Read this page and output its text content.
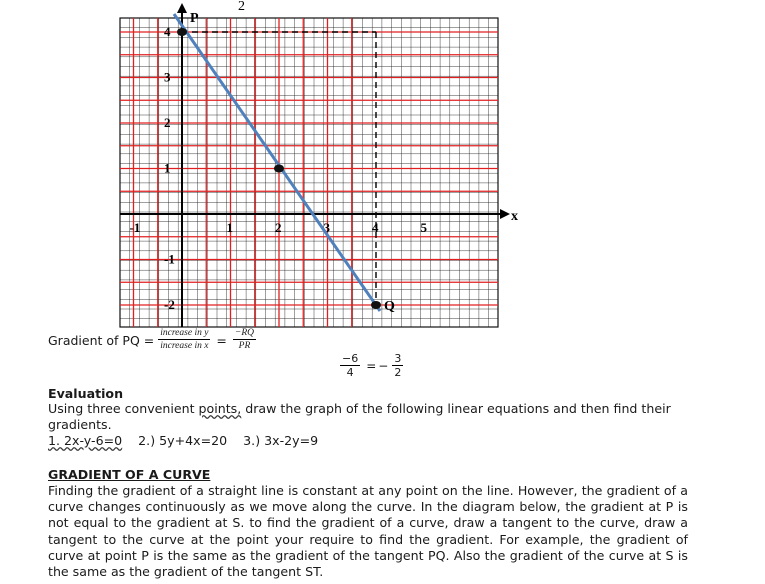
2
x
-1	1	2	3	4	5
4
3
2
1
-1
-2
P
Q
Gradient of PQ = $\frac{\text{increase in y}}{\text{increase in x}} = \frac{-RQ}{PR}$
$\frac{-6}{4}$ = − $\frac{3}{2}$
Evaluation
Using three convenient points, draw the graph of the following linear equations and then find their gradients.
1. 2x-y-6=0 2.) 5y+4x=20 3.) 3x-2y=9
GRADIENT OF A CURVE
Finding the gradient of a straight line is constant at any point on the line. However, the gradient of a curve changes continuously as we move along the curve. In the diagram below, the gradient at P is not equal to the gradient at S. to find the gradient of a curve, draw a tangent to the curve, draw a tangent to the curve at the point your require to find the gradient. For example, the gradient of curve at point P is the same as the gradient of the tangent PQ. Also the gradient of the curve at S is the same as the gradient of the tangent ST.
